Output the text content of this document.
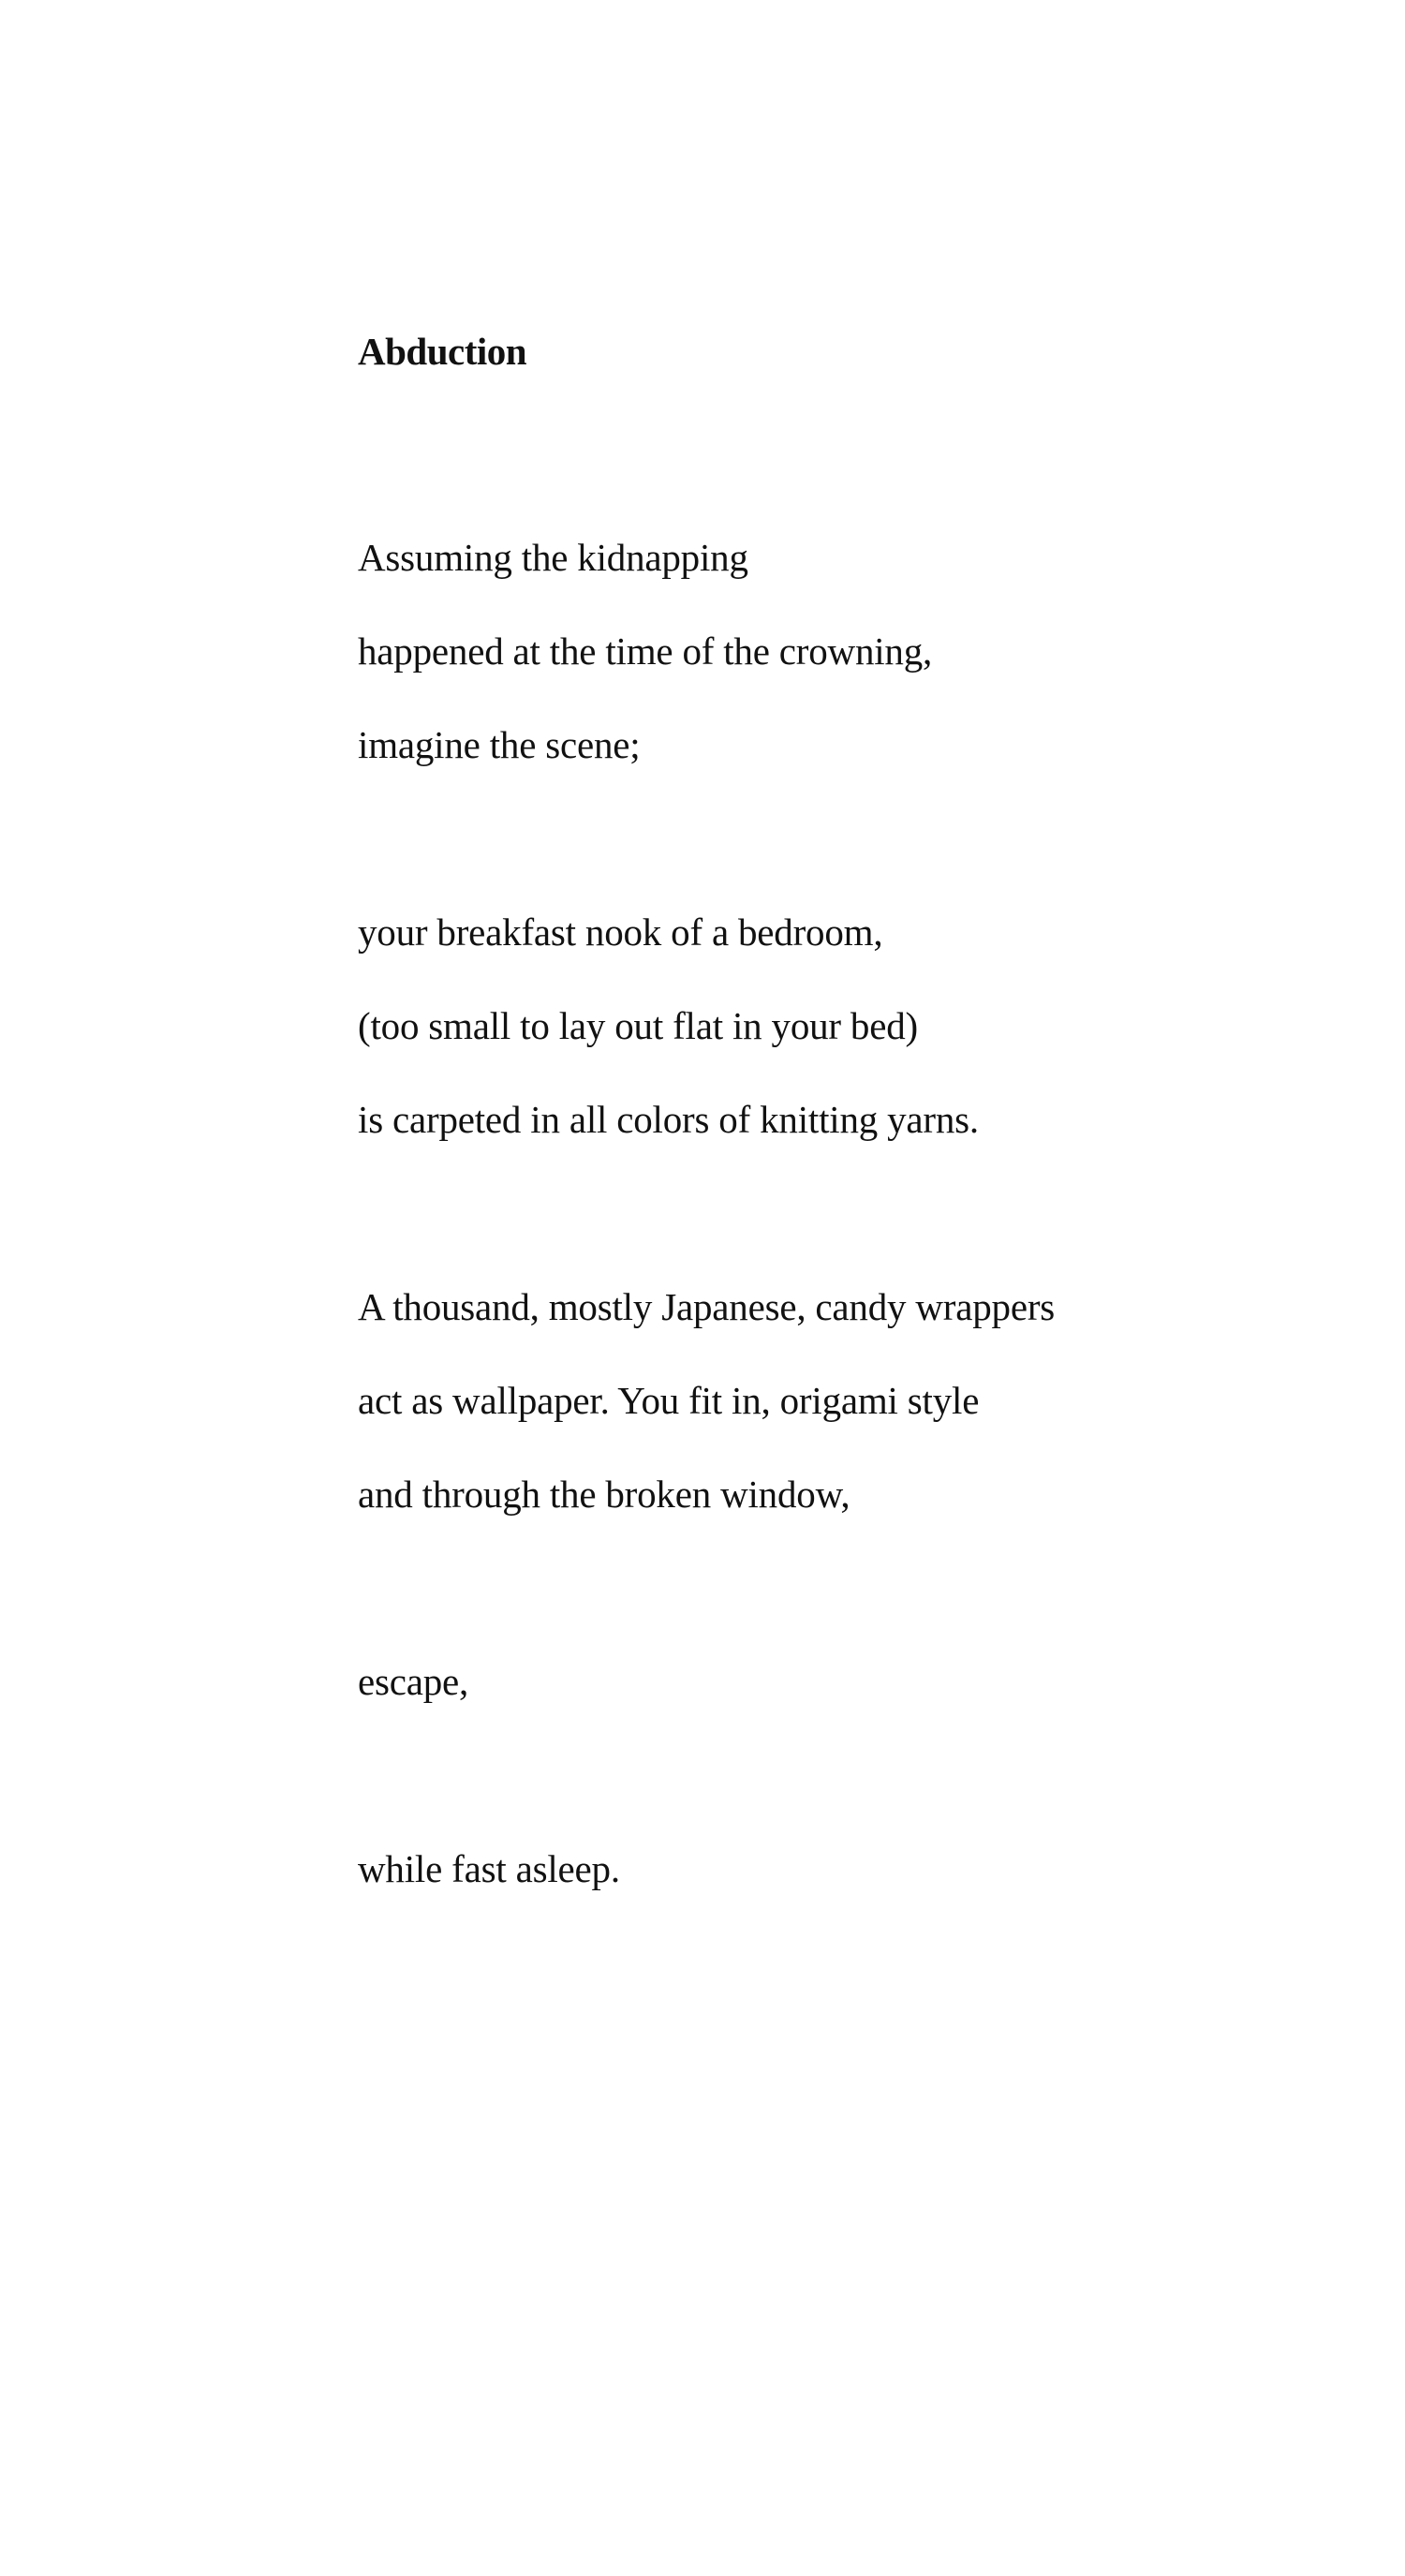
Abduction
Assuming the kidnapping
happened at the time of the crowning,
imagine the scene;
your breakfast nook of a bedroom,
(too small to lay out flat in your bed)
is carpeted in all colors of knitting yarns.
A thousand, mostly Japanese, candy wrappers
act as wallpaper. You fit in, origami style
and through the broken window,
escape,
while fast asleep.
